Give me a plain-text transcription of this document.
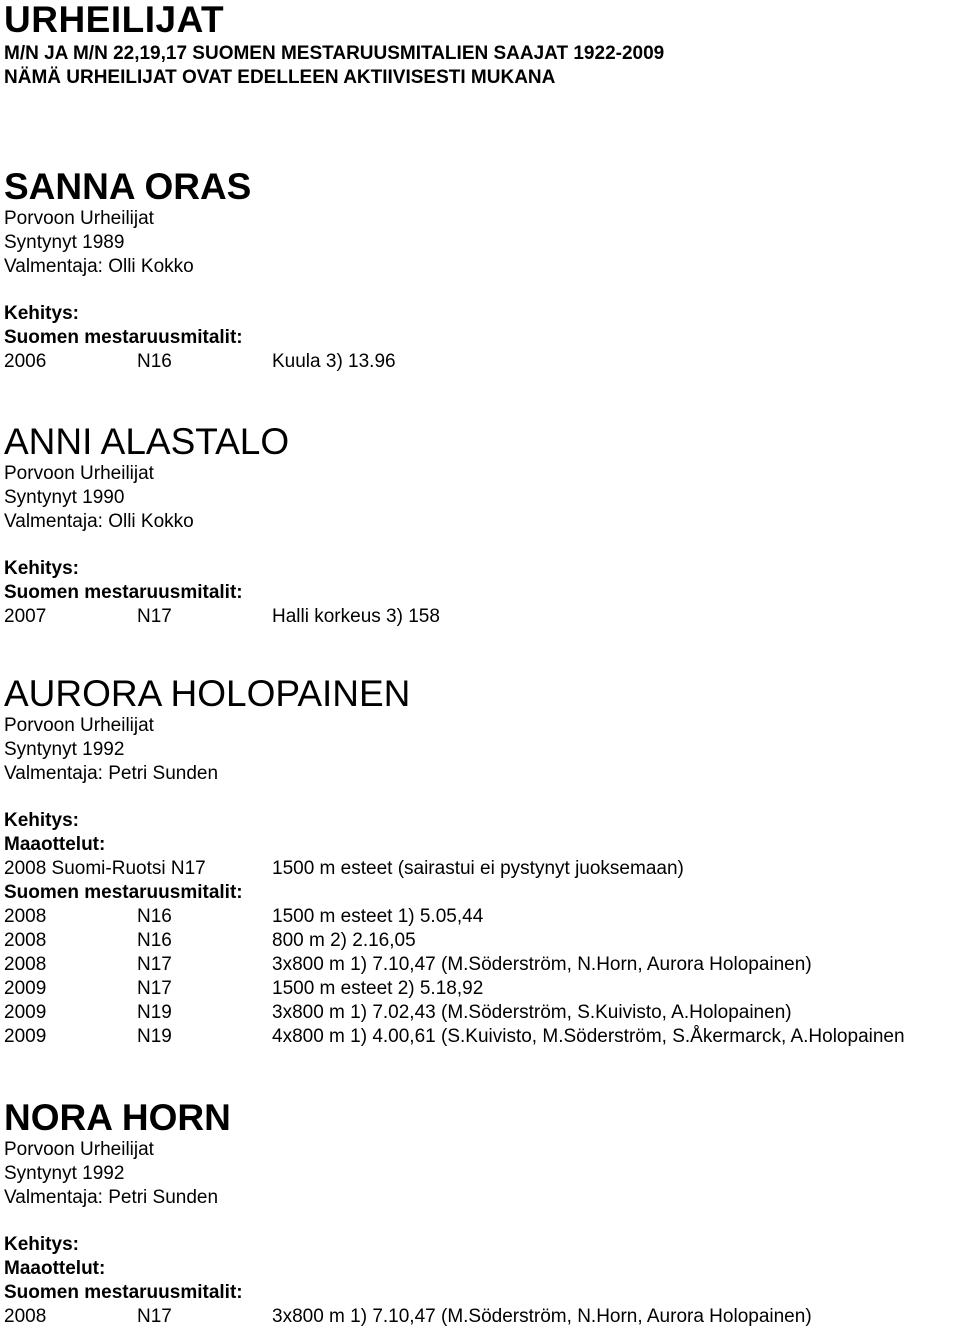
URHEILIJAT
M/N JA M/N 22,19,17 SUOMEN MESTARUUSMITALIEN SAAJAT 1922-2009
NÄMÄ URHEILIJAT OVAT EDELLEEN AKTIIVISESTI MUKANA
SANNA ORAS
Porvoon Urheilijat
Syntynyt 1989
Valmentaja: Olli Kokko
Kehitys:
Suomen mestaruusmitalit:
2006	N16	Kuula 3) 13.96
ANNI ALASTALO
Porvoon Urheilijat
Syntynyt 1990
Valmentaja: Olli Kokko
Kehitys:
Suomen mestaruusmitalit:
2007	N17	Halli korkeus 3) 158
AURORA HOLOPAINEN
Porvoon Urheilijat
Syntynyt 1992
Valmentaja: Petri Sunden
Kehitys:
Maaottelut:
2008 Suomi-Ruotsi N17	1500 m esteet (sairastui ei pystynyt juoksemaan)
Suomen mestaruusmitalit:
2008	N16	1500 m esteet 1) 5.05,44
2008	N16	800 m 2) 2.16,05
2008	N17	3x800 m 1) 7.10,47 (M.Söderström, N.Horn, Aurora Holopainen)
2009	N17	1500 m esteet 2) 5.18,92
2009	N19	3x800 m 1) 7.02,43 (M.Söderström, S.Kuivisto, A.Holopainen)
2009	N19	4x800 m 1) 4.00,61 (S.Kuivisto, M.Söderström, S.Åkermarck, A.Holopainen
NORA HORN
Porvoon Urheilijat
Syntynyt 1992
Valmentaja: Petri Sunden
Kehitys:
Maaottelut:
Suomen mestaruusmitalit:
2008	N17	3x800 m 1) 7.10,47 (M.Söderström, N.Horn, Aurora Holopainen)
